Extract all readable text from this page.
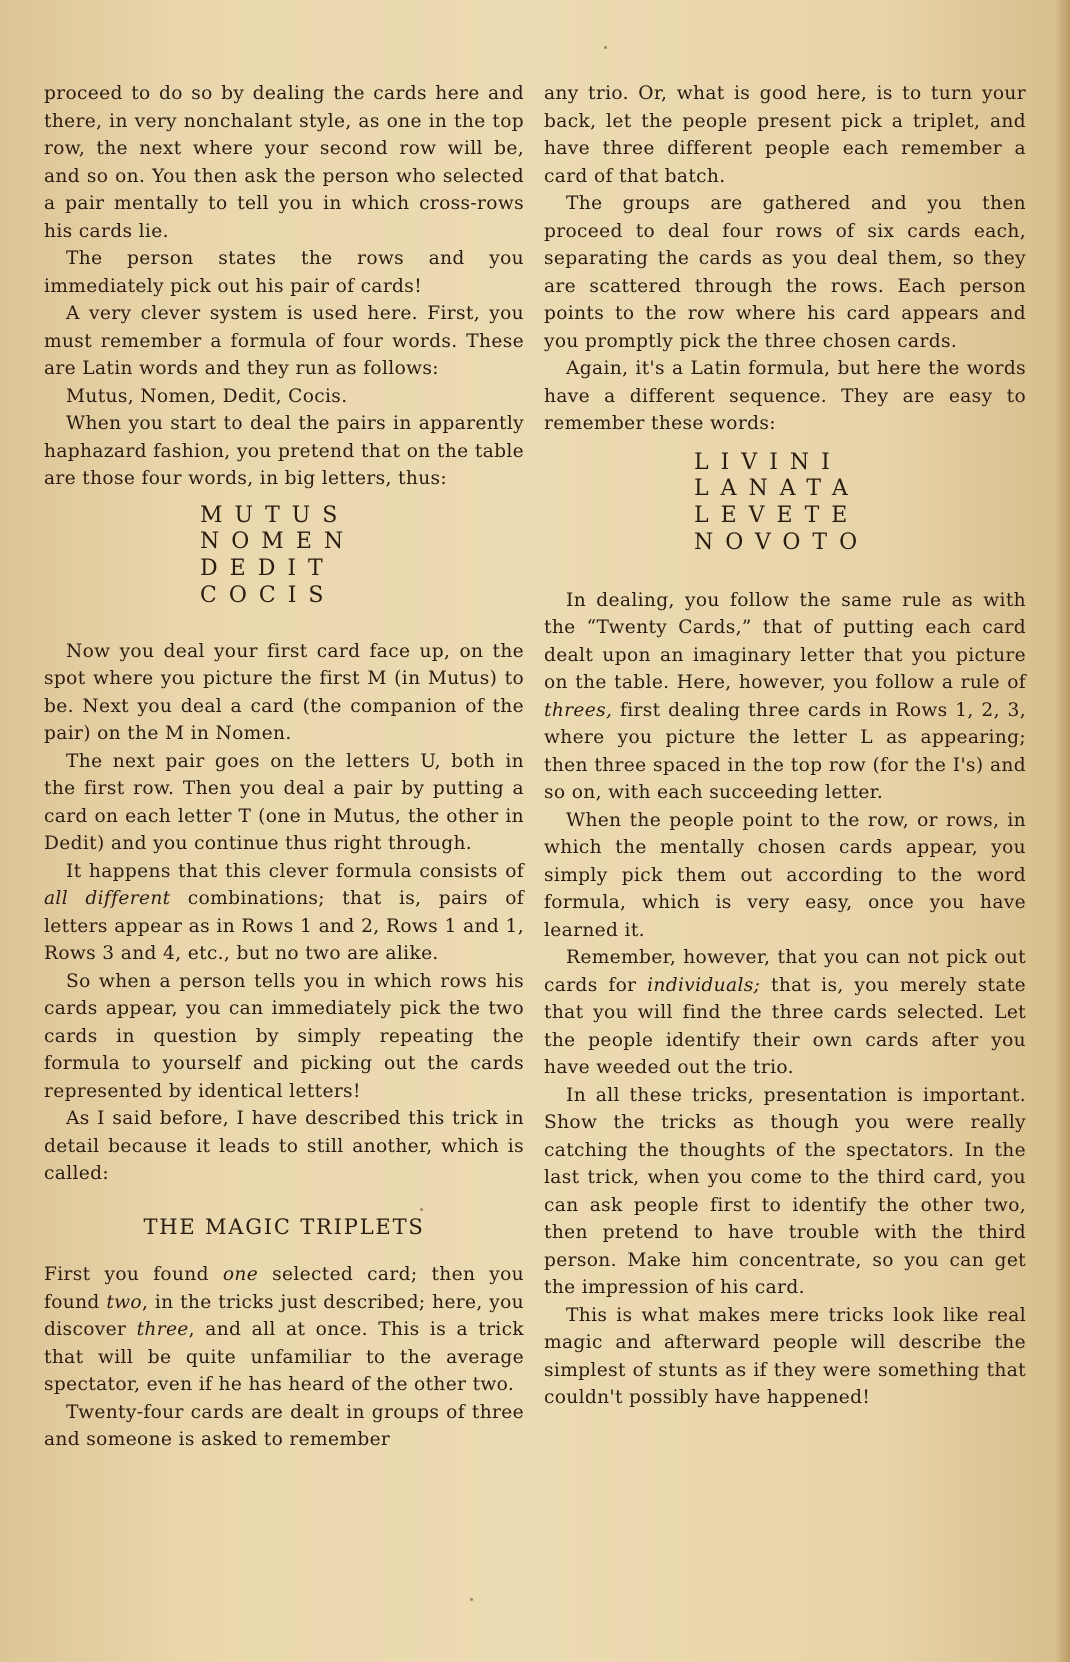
proceed to do so by dealing the cards here and there, in very nonchalant style, as one in the top row, the next where your second row will be, and so on. You then ask the person who selected a pair mentally to tell you in which cross-rows his cards lie.

The person states the rows and you immediately pick out his pair of cards!

A very clever system is used here. First, you must remember a formula of four words. These are Latin words and they run as follows:

Mutus, Nomen, Dedit, Cocis.

When you start to deal the pairs in apparently haphazard fashion, you pretend that on the table are those four words, in big letters, thus:

MUTUS
NOMEN
DEDIT
COCIS

Now you deal your first card face up, on the spot where you picture the first M (in Mutus) to be. Next you deal a card (the companion of the pair) on the M in Nomen.

The next pair goes on the letters U, both in the first row. Then you deal a pair by putting a card on each letter T (one in Mutus, the other in Dedit) and you continue thus right through.

It happens that this clever formula consists of all different combinations; that is, pairs of letters appear as in Rows 1 and 2, Rows 1 and 1, Rows 3 and 4, etc., but no two are alike.

So when a person tells you in which rows his cards appear, you can immediately pick the two cards in question by simply repeating the formula to yourself and picking out the cards represented by identical letters!

As I said before, I have described this trick in detail because it leads to still another, which is called:

THE MAGIC TRIPLETS

First you found one selected card; then you found two, in the tricks just described; here, you discover three, and all at once. This is a trick that will be quite unfamiliar to the average spectator, even if he has heard of the other two.

Twenty-four cards are dealt in groups of three and someone is asked to remember

any trio. Or, what is good here, is to turn your back, let the people present pick a triplet, and have three different people each remember a card of that batch.

The groups are gathered and you then proceed to deal four rows of six cards each, separating the cards as you deal them, so they are scattered through the rows. Each person points to the row where his card appears and you promptly pick the three chosen cards.

Again, it's a Latin formula, but here the words have a different sequence. They are easy to remember these words:

LIVINI
LANATA
LEVETE
NOVOTO

In dealing, you follow the same rule as with the “Twenty Cards,” that of putting each card dealt upon an imaginary letter that you picture on the table. Here, however, you follow a rule of threes, first dealing three cards in Rows 1, 2, 3, where you picture the letter L as appearing; then three spaced in the top row (for the I's) and so on, with each succeeding letter.

When the people point to the row, or rows, in which the mentally chosen cards appear, you simply pick them out according to the word formula, which is very easy, once you have learned it.

Remember, however, that you can not pick out cards for individuals; that is, you merely state that you will find the three cards selected. Let the people identify their own cards after you have weeded out the trio.

In all these tricks, presentation is important. Show the tricks as though you were really catching the thoughts of the spectators. In the last trick, when you come to the third card, you can ask people first to identify the other two, then pretend to have trouble with the third person. Make him concentrate, so you can get the impression of his card.

This is what makes mere tricks look like real magic and afterward people will describe the simplest of stunts as if they were something that couldn't possibly have happened!
